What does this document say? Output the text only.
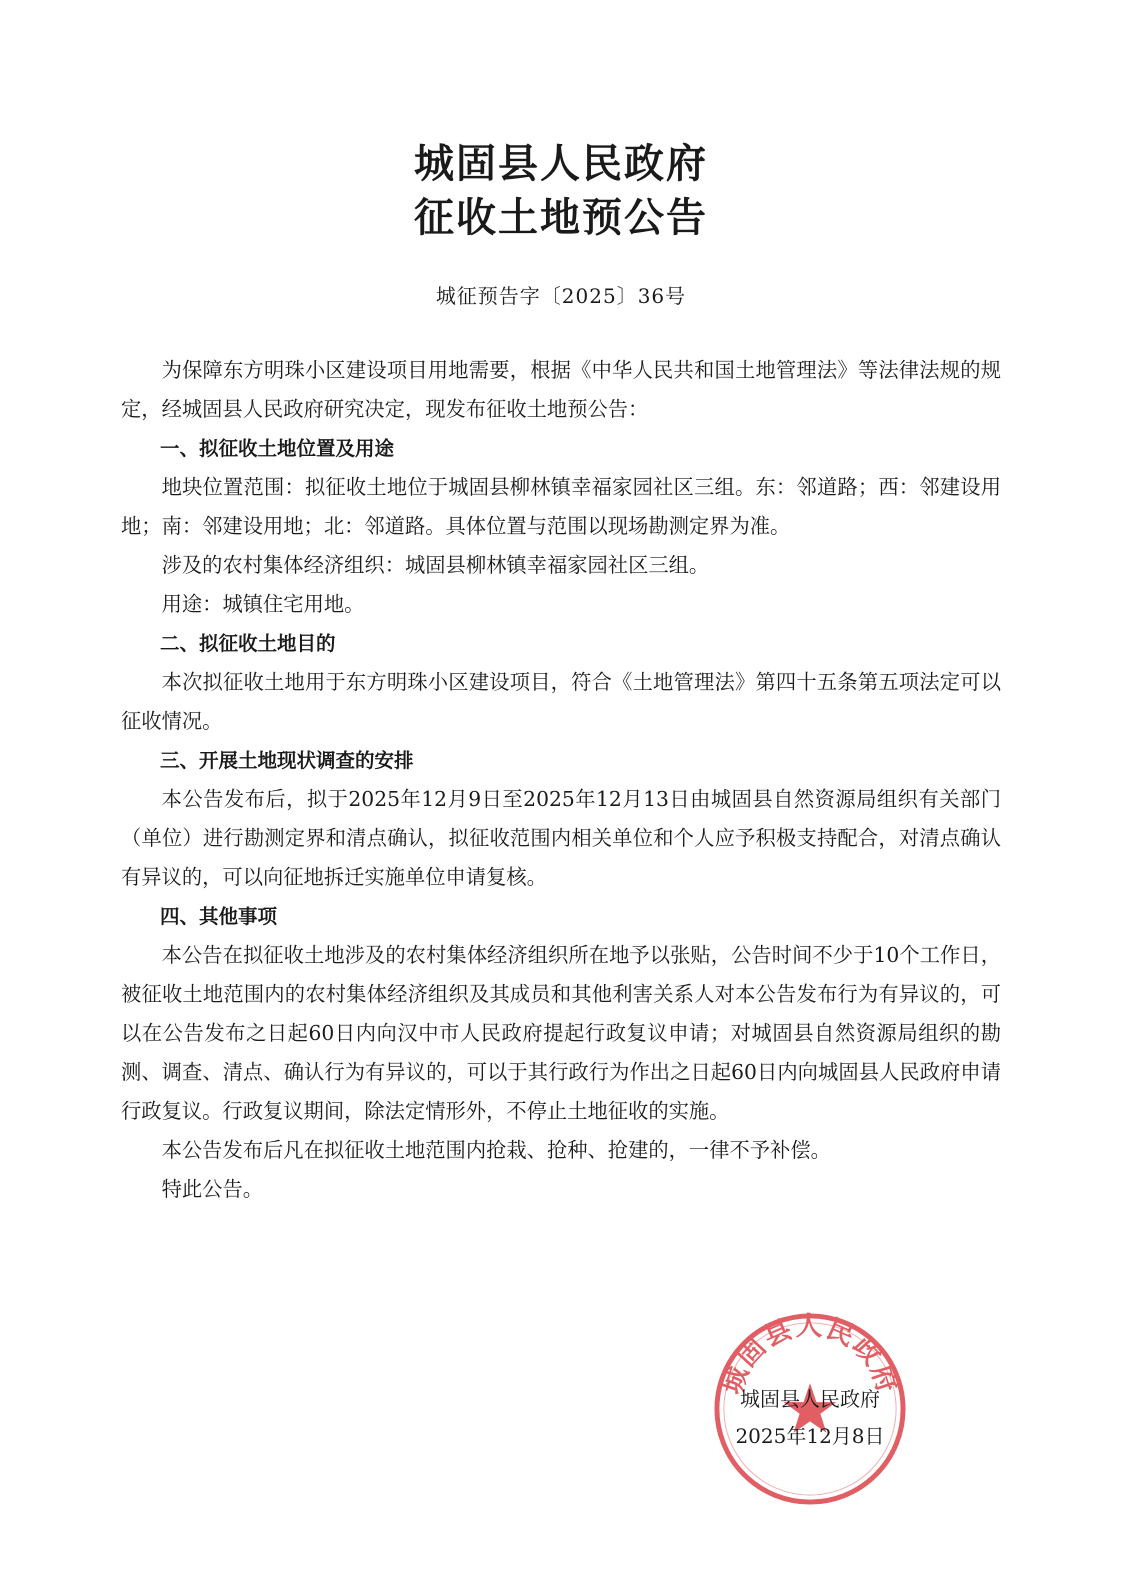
城固县人民政府
征收土地预公告
城征预告字〔2025〕36号

为保障东方明珠小区建设项目用地需要，根据《中华人民共和国土地管理法》等法律法规的规定，经城固县人民政府研究决定，现发布征收土地预公告：

一、拟征收土地位置及用途

地块位置范围：拟征收土地位于城固县柳林镇幸福家园社区三组。东：邻道路；西：邻建设用地；南：邻建设用地；北：邻道路。具体位置与范围以现场勘测定界为准。

涉及的农村集体经济组织：城固县柳林镇幸福家园社区三组。

用途：城镇住宅用地。

二、拟征收土地目的

本次拟征收土地用于东方明珠小区建设项目，符合《土地管理法》第四十五条第五项法定可以征收情况。

三、开展土地现状调查的安排

本公告发布后，拟于2025年12月9日至2025年12月13日由城固县自然资源局组织有关部门（单位）进行勘测定界和清点确认，拟征收范围内相关单位和个人应予积极支持配合，对清点确认有异议的，可以向征地拆迁实施单位申请复核。

四、其他事项

本公告在拟征收土地涉及的农村集体经济组织所在地予以张贴，公告时间不少于10个工作日，被征收土地范围内的农村集体经济组织及其成员和其他利害关系人对本公告发布行为有异议的，可以在公告发布之日起60日内向汉中市人民政府提起行政复议申请；对城固县自然资源局组织的勘测、调查、清点、确认行为有异议的，可以于其行政行为作出之日起60日内向城固县人民政府申请行政复议。行政复议期间，除法定情形外，不停止土地征收的实施。

本公告发布后凡在拟征收土地范围内抢栽、抢种、抢建的，一律不予补偿。

特此公告。

城固县人民政府
城固县人民政府
2025年12月8日
